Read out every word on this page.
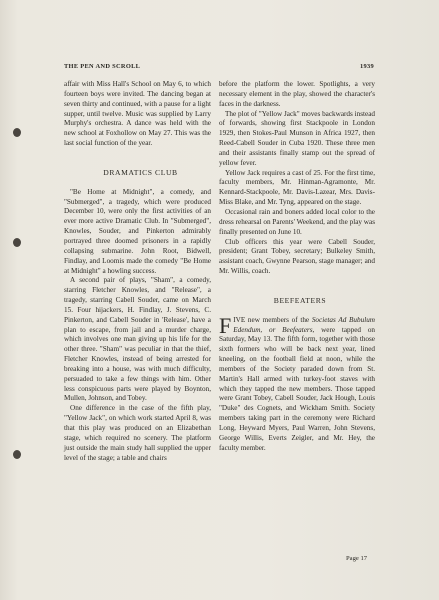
THE PEN AND SCROLL	1939

affair with Miss Hall's School on May 6, to which fourteen boys were invited. The dancing began at seven thirty and continued, with a pause for a light supper, until twelve. Music was supplied by Larry Murphy's orchestra. A dance was held with the new school at Foxhollow on May 27. This was the last social function of the year.

DRAMATICS CLUB

"Be Home at Midnight", a comedy, and "Submerged", a tragedy, which were produced December 10, were only the first activities of an ever more active Dramatic Club. In "Submerged", Knowles, Souder, and Pinkerton admirably portrayed three doomed prisoners in a rapidly collapsing submarine. John Root, Bidwell, Findlay, and Loomis made the comedy "Be Home at Midnight" a howling success.

A second pair of plays, "Sham", a comedy, starring Fletcher Knowles, and "Release", a tragedy, starring Cabell Souder, came on March 15. Four hijackers, H. Findlay, J. Stevens, C. Pinkerton, and Cabell Souder in 'Release', have a plan to escape, from jail and a murder charge, which involves one man giving up his life for the other three. "Sham" was peculiar in that the thief, Fletcher Knowles, instead of being arrested for breaking into a house, was with much difficulty, persuaded to take a few things with him. Other less conspicuous parts were played by Boynton, Mullen, Johnson, and Tobey.

One difference in the case of the fifth play, "Yellow Jack", on which work started April 8, was that this play was produced on an Elizabethan stage, which required no scenery. The platform just outside the main study hall supplied the upper level of the stage; a table and chairs

before the platform the lower. Spotlights, a very necessary element in the play, showed the character's faces in the darkness.

The plot of "Yellow Jack" moves backwards instead of forwards, showing first Stackpoole in London 1929, then Stokes-Paul Munson in Africa 1927, then Reed-Cabell Souder in Cuba 1920. These three men and their assistants finally stamp out the spread of yellow fever.

Yellow Jack requires a cast of 25. For the first time, faculty members, Mr. Hinman-Agramonte, Mr. Kennard-Stackpoole, Mr. Davis-Lazear, Mrs. Davis-Miss Blake, and Mr. Tyng, appeared on the stage.

Occasional rain and boners added local color to the dress rehearsal on Parents' Weekend, and the play was finally presented on June 10.

Club officers this year were Cabell Souder, president; Grant Tobey, secretary; Bulkeley Smith, assistant coach, Gwynne Pearson, stage manager; and Mr. Willis, coach.

BEEFEATERS

FIVE new members of the Societas Ad Bubulum Edendum, or Beefeaters, were tapped on Saturday, May 13. The fifth form, together with those sixth formers who will be back next year, lined kneeling, on the football field at noon, while the members of the Society paraded down from St. Martin's Hall armed with turkey-foot staves with which they tapped the new members. Those tapped were Grant Tobey, Cabell Souder, Jack Hough, Louis "Duke" des Cognets, and Wickham Smith. Society members taking part in the ceremony were Richard Long, Heyward Myers, Paul Warren, John Stevens, George Willis, Everts Zeigler, and Mr. Hey, the faculty member.

Page 17
